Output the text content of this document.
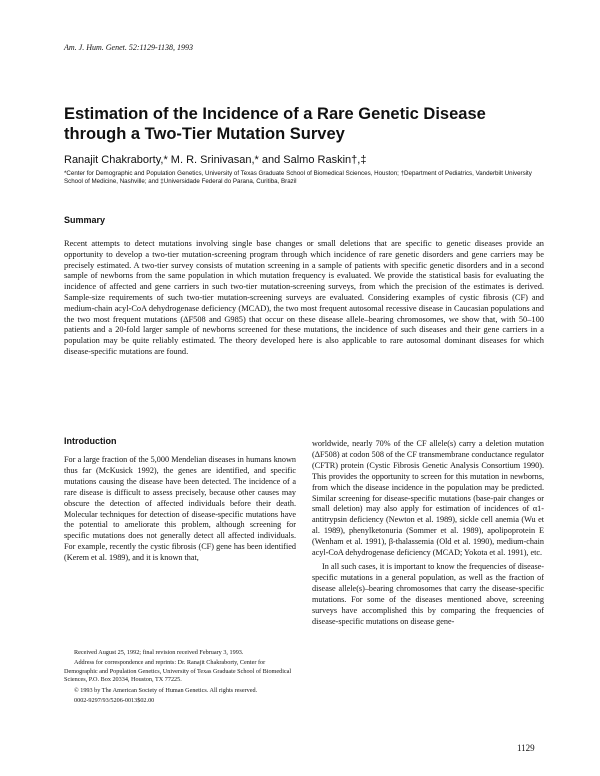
Am. J. Hum. Genet. 52:1129-1138, 1993
Estimation of the Incidence of a Rare Genetic Disease through a Two-Tier Mutation Survey
Ranajit Chakraborty,* M. R. Srinivasan,* and Salmo Raskin†,‡
*Center for Demographic and Population Genetics, University of Texas Graduate School of Biomedical Sciences, Houston; †Department of Pediatrics, Vanderbilt University School of Medicine, Nashville; and ‡Universidade Federal do Parana, Curitiba, Brazil
Summary
Recent attempts to detect mutations involving single base changes or small deletions that are specific to genetic diseases provide an opportunity to develop a two-tier mutation-screening program through which incidence of rare genetic disorders and gene carriers may be precisely estimated. A two-tier survey consists of mutation screening in a sample of patients with specific genetic disorders and in a second sample of newborns from the same population in which mutation frequency is evaluated. We provide the statistical basis for evaluating the incidence of affected and gene carriers in such two-tier mutation-screening surveys, from which the precision of the estimates is derived. Sample-size requirements of such two-tier mutation-screening surveys are evaluated. Considering examples of cystic fibrosis (CF) and medium-chain acyl-CoA dehydrogenase deficiency (MCAD), the two most frequent autosomal recessive disease in Caucasian populations and the two most frequent mutations (ΔF508 and G985) that occur on these disease allele–bearing chromosomes, we show that, with 50–100 patients and a 20-fold larger sample of newborns screened for these mutations, the incidence of such diseases and their gene carriers in a population may be quite reliably estimated. The theory developed here is also applicable to rare autosomal dominant diseases for which disease-specific mutations are found.
Introduction
For a large fraction of the 5,000 Mendelian diseases in humans known thus far (McKusick 1992), the genes are identified, and specific mutations causing the disease have been detected. The incidence of a rare disease is difficult to assess precisely, because other causes may obscure the detection of affected individuals before their death. Molecular techniques for detection of disease-specific mutations have the potential to ameliorate this problem, although screening for specific mutations does not generally detect all affected individuals. For example, recently the cystic fibrosis (CF) gene has been identified (Kerem et al. 1989), and it is known that,

Received August 25, 1992; final revision received February 3, 1993.

Address for correspondence and reprints: Dr. Ranajit Chakraborty, Center for Demographic and Population Genetics, University of Texas Graduate School of Biomedical Sciences, P.O. Box 20334, Houston, TX 77225.

© 1993 by The American Society of Human Genetics. All rights reserved.

0002-9297/93/5206-0013$02.00

worldwide, nearly 70% of the CF allele(s) carry a deletion mutation (ΔF508) at codon 508 of the CF transmembrane conductance regulator (CFTR) protein (Cystic Fibrosis Genetic Analysis Consortium 1990). This provides the opportunity to screen for this mutation in newborns, from which the disease incidence in the population may be predicted. Similar screening for disease-specific mutations (base-pair changes or small deletion) may also apply for estimation of incidences of α1-antitrypsin deficiency (Newton et al. 1989), sickle cell anemia (Wu et al. 1989), phenylketonuria (Sommer et al. 1989), apolipoprotein E (Wenham et al. 1991), β-thalassemia (Old et al. 1990), medium-chain acyl-CoA dehydrogenase deficiency (MCAD; Yokota et al. 1991), etc.

In all such cases, it is important to know the frequencies of disease-specific mutations in a general population, as well as the fraction of disease allele(s)–bearing chromosomes that carry the disease-specific mutations. For some of the diseases mentioned above, screening surveys have accomplished this by comparing the frequencies of disease-specific mutations on disease gene-

1129
